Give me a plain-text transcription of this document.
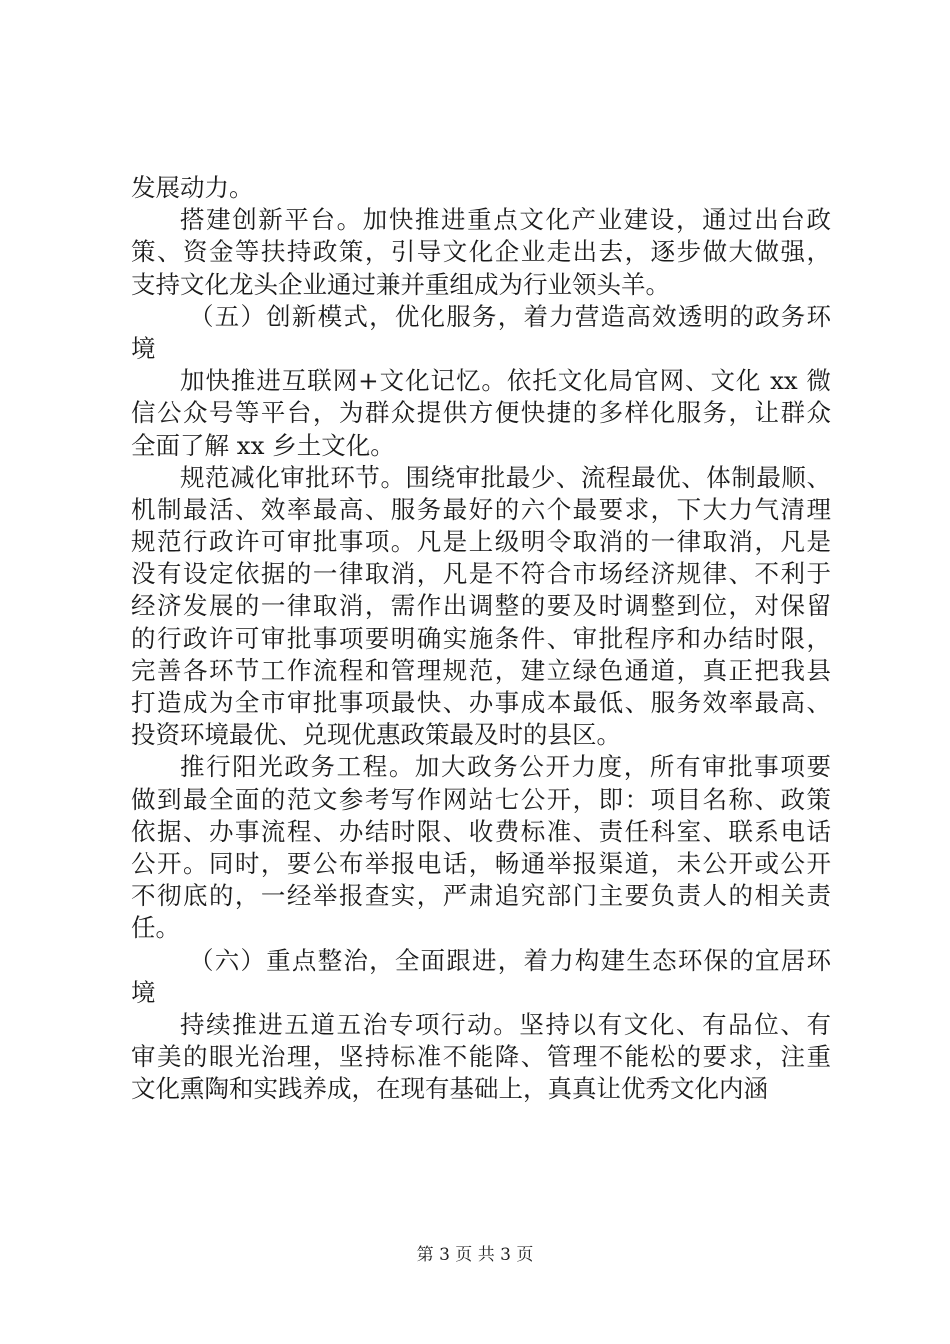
发展动力。
搭建创新平台。加快推进重点文化产业建设，通过出台政
策、资金等扶持政策，引导文化企业走出去，逐步做大做强，
支持文化龙头企业通过兼并重组成为行业领头羊。
（五）创新模式，优化服务，着力营造高效透明的政务环
境
加快推进互联网+文化记忆。依托文化局官网、文化 xx 微
信公众号等平台，为群众提供方便快捷的多样化服务，让群众
全面了解 xx 乡土文化。
规范减化审批环节。围绕审批最少、流程最优、体制最顺、
机制最活、效率最高、服务最好的六个最要求，下大力气清理
规范行政许可审批事项。凡是上级明令取消的一律取消，凡是
没有设定依据的一律取消，凡是不符合市场经济规律、不利于
经济发展的一律取消，需作出调整的要及时调整到位，对保留
的行政许可审批事项要明确实施条件、审批程序和办结时限，
完善各环节工作流程和管理规范，建立绿色通道，真正把我县
打造成为全市审批事项最快、办事成本最低、服务效率最高、
投资环境最优、兑现优惠政策最及时的县区。
推行阳光政务工程。加大政务公开力度，所有审批事项要
做到最全面的范文参考写作网站七公开，即：项目名称、政策
依据、办事流程、办结时限、收费标准、责任科室、联系电话
公开。同时，要公布举报电话，畅通举报渠道，未公开或公开
不彻底的，一经举报查实，严肃追究部门主要负责人的相关责
任。
（六）重点整治，全面跟进，着力构建生态环保的宜居环
境
持续推进五道五治专项行动。坚持以有文化、有品位、有
审美的眼光治理，坚持标准不能降、管理不能松的要求，注重
文化熏陶和实践养成，在现有基础上，真真让优秀文化内涵
第 3 页 共 3 页
